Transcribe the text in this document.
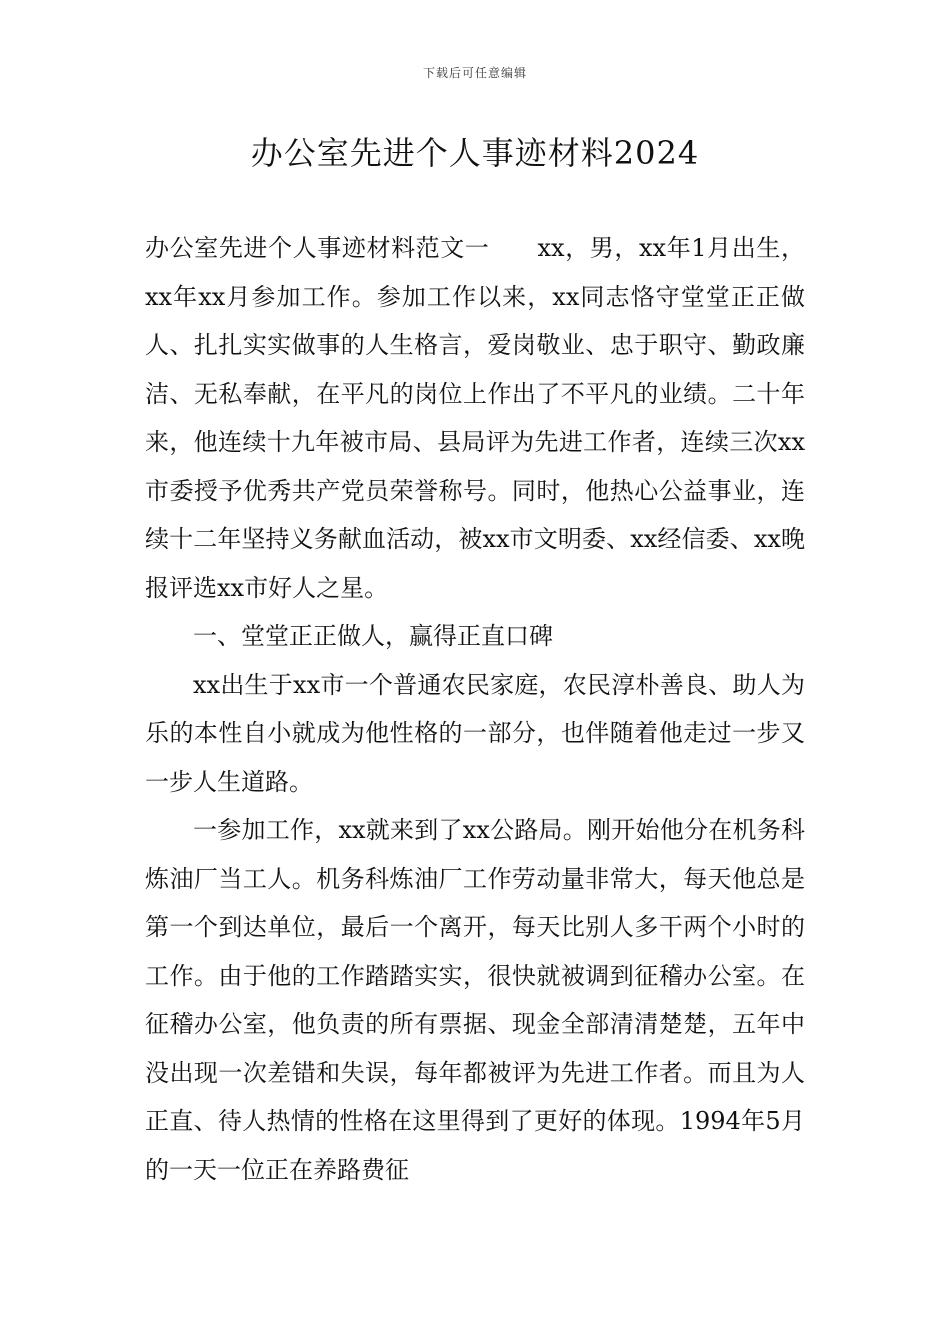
下载后可任意编辑
办公室先进个人事迹材料2024

办公室先进个人事迹材料范文一 xx，男，xx年1月出生，xx年xx月参加工作。参加工作以来，xx同志恪守堂堂正正做人、扎扎实实做事的人生格言，爱岗敬业、忠于职守、勤政廉洁、无私奉献，在平凡的岗位上作出了不平凡的业绩。二十年来，他连续十九年被市局、县局评为先进工作者，连续三次xx市委授予优秀共产党员荣誉称号。同时，他热心公益事业，连续十二年坚持义务献血活动，被xx市文明委、xx经信委、xx晚报评选xx市好人之星。

一、堂堂正正做人，赢得正直口碑

xx出生于xx市一个普通农民家庭，农民淳朴善良、助人为乐的本性自小就成为他性格的一部分，也伴随着他走过一步又一步人生道路。

一参加工作，xx就来到了xx公路局。刚开始他分在机务科炼油厂当工人。机务科炼油厂工作劳动量非常大，每天他总是第一个到达单位，最后一个离开，每天比别人多干两个小时的工作。由于他的工作踏踏实实，很快就被调到征稽办公室。在征稽办公室，他负责的所有票据、现金全部清清楚楚，五年中没出现一次差错和失误，每年都被评为先进工作者。而且为人正直、待人热情的性格在这里得到了更好的体现。1994年5月的一天一位正在养路费征
